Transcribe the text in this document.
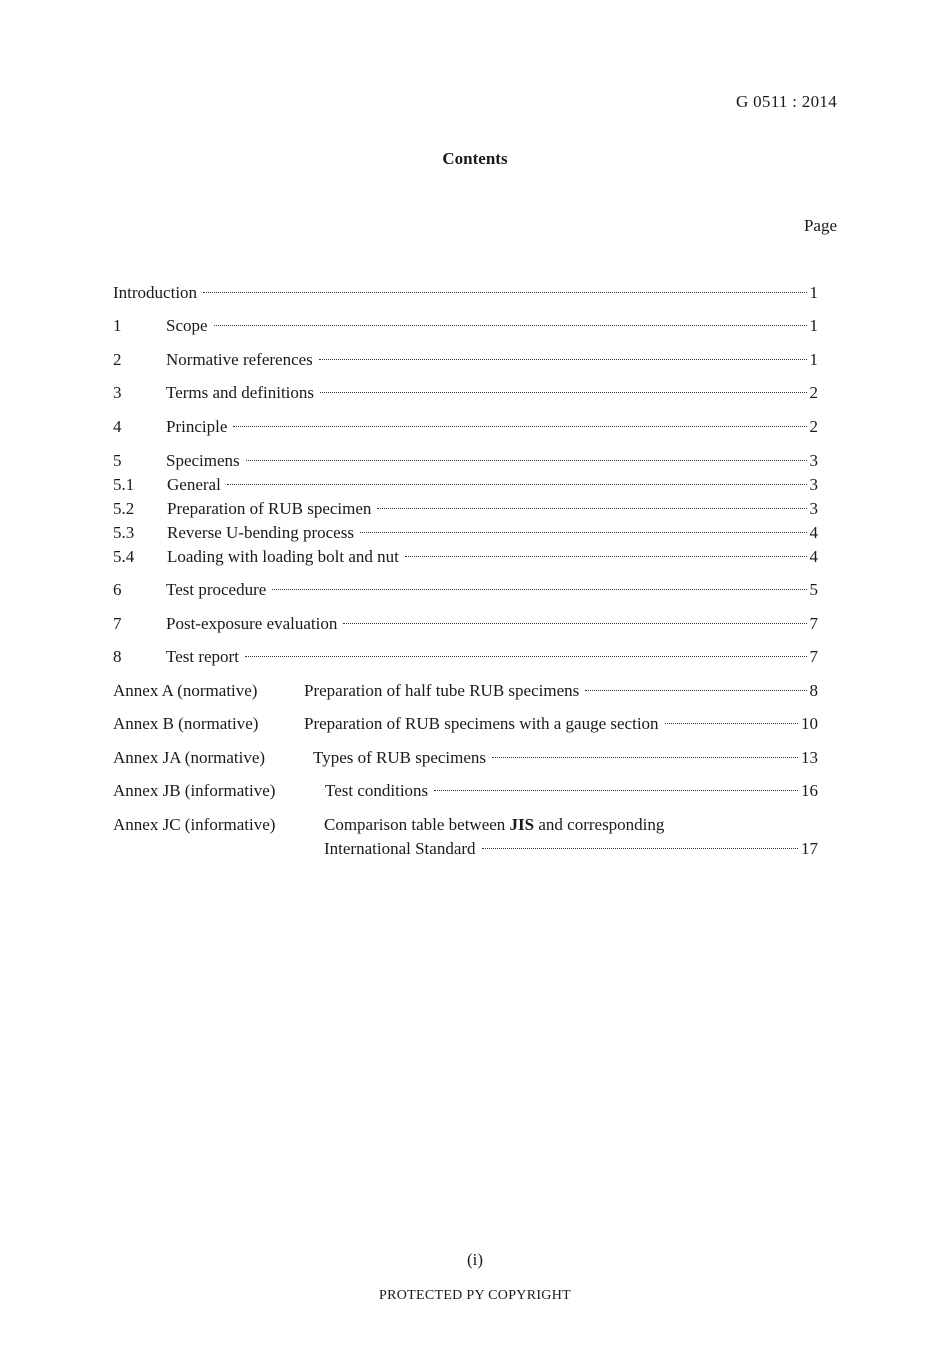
G 0511 : 2014
Contents
Page
Introduction	1
1	Scope	1
2	Normative references	1
3	Terms and definitions	2
4	Principle	2
5	Specimens	3
5.1 General	3
5.2 Preparation of RUB specimen	3
5.3 Reverse U-bending process	4
5.4 Loading with loading bolt and nut	4
6	Test procedure	5
7	Post-exposure evaluation	7
8	Test report	7
Annex A (normative)	Preparation of half tube RUB specimens	8
Annex B (normative)	Preparation of RUB specimens with a gauge section	10
Annex JA (normative)	Types of RUB specimens	13
Annex JB (informative)	Test conditions	16
Annex JC (informative)	Comparison table between JIS and corresponding
International Standard	17
(i)
PROTECTED PY COPYRIGHT
